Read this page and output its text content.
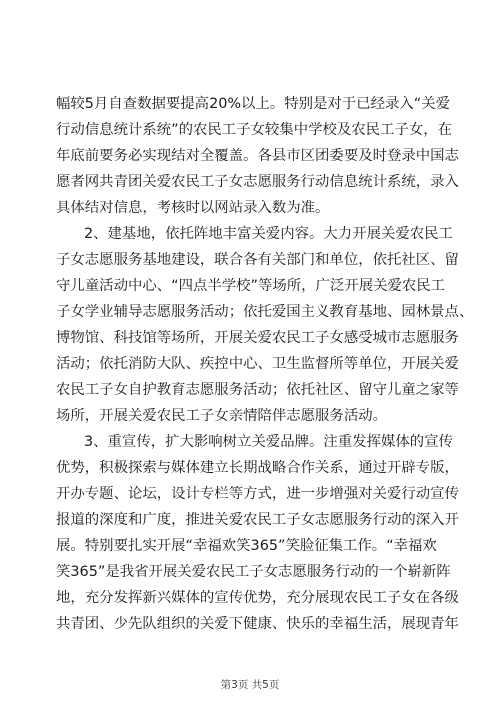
幅较5月自查数据要提高20%以上。特别是对于已经录入“关爱
行动信息统计系统”的农民工子女较集中学校及农民工子女，在
年底前要务必实现结对全覆盖。各县市区团委要及时登录中国志
愿者网共青团关爱农民工子女志愿服务行动信息统计系统，录入
具体结对信息，考核时以网站录入数为准。
2、建基地，依托阵地丰富关爱内容。大力开展关爱农民工
子女志愿服务基地建设，联合各有关部门和单位，依托社区、留
守儿童活动中心、“四点半学校”等场所，广泛开展关爱农民工
子女学业辅导志愿服务活动；依托爱国主义教育基地、园林景点、
博物馆、科技馆等场所，开展关爱农民工子女感受城市志愿服务
活动；依托消防大队、疾控中心、卫生监督所等单位，开展关爱
农民工子女自护教育志愿服务活动；依托社区、留守儿童之家等
场所，开展关爱农民工子女亲情陪伴志愿服务活动。
3、重宣传，扩大影响树立关爱品牌。注重发挥媒体的宣传
优势，积极探索与媒体建立长期战略合作关系，通过开辟专版，
开办专题、论坛，设计专栏等方式，进一步增强对关爱行动宣传
报道的深度和广度，推进关爱农民工子女志愿服务行动的深入开
展。特别要扎实开展“幸福欢笑365”笑脸征集工作。“幸福欢
笑365”是我省开展关爱农民工子女志愿服务行动的一个崭新阵
地，充分发挥新兴媒体的宣传优势，充分展现农民工子女在各级
共青团、少先队组织的关爱下健康、快乐的幸福生活，展现青年
第3页 共5页
